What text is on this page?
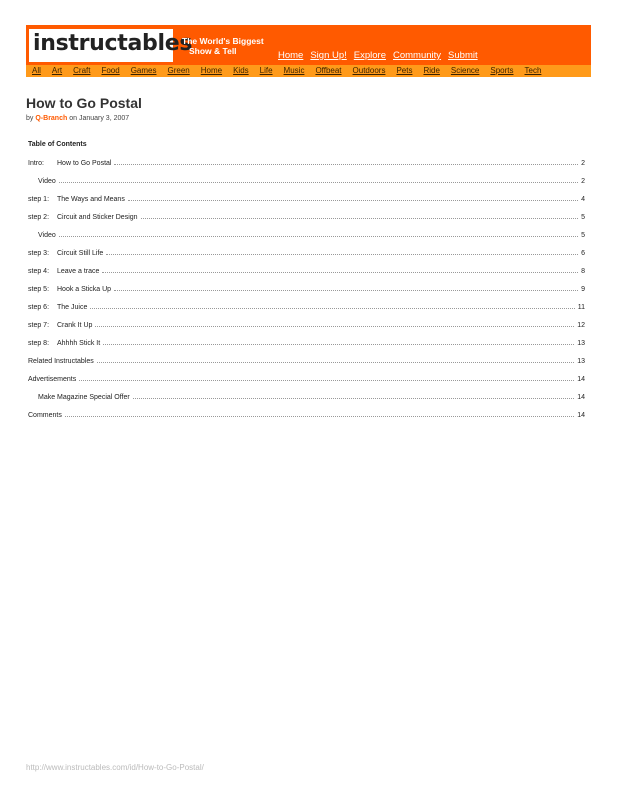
instructables
The World's Biggest
Show & Tell	Home Sign Up! Explore Community Submit
All Art Craft Food Games Green Home Kids Life Music Offbeat Outdoors Pets Ride Science Sports Tech
How to Go Postal
by Q-Branch on January 3, 2007
Table of Contents
Intro: How to Go Postal	2
Video	2
step 1: The Ways and Means	4
step 2: Circuit and Sticker Design	5
Video	5
step 3: Circuit Still Life	6
step 4: Leave a trace	8
step 5: Hook a Sticka Up	9
step 6: The Juice	11
step 7: Crank It Up	12
step 8: Ahhhh Stick It	13
Related Instructables	13
Advertisements	14
Make Magazine Special Offer	14
Comments	14
http://www.instructables.com/id/How-to-Go-Postal/
